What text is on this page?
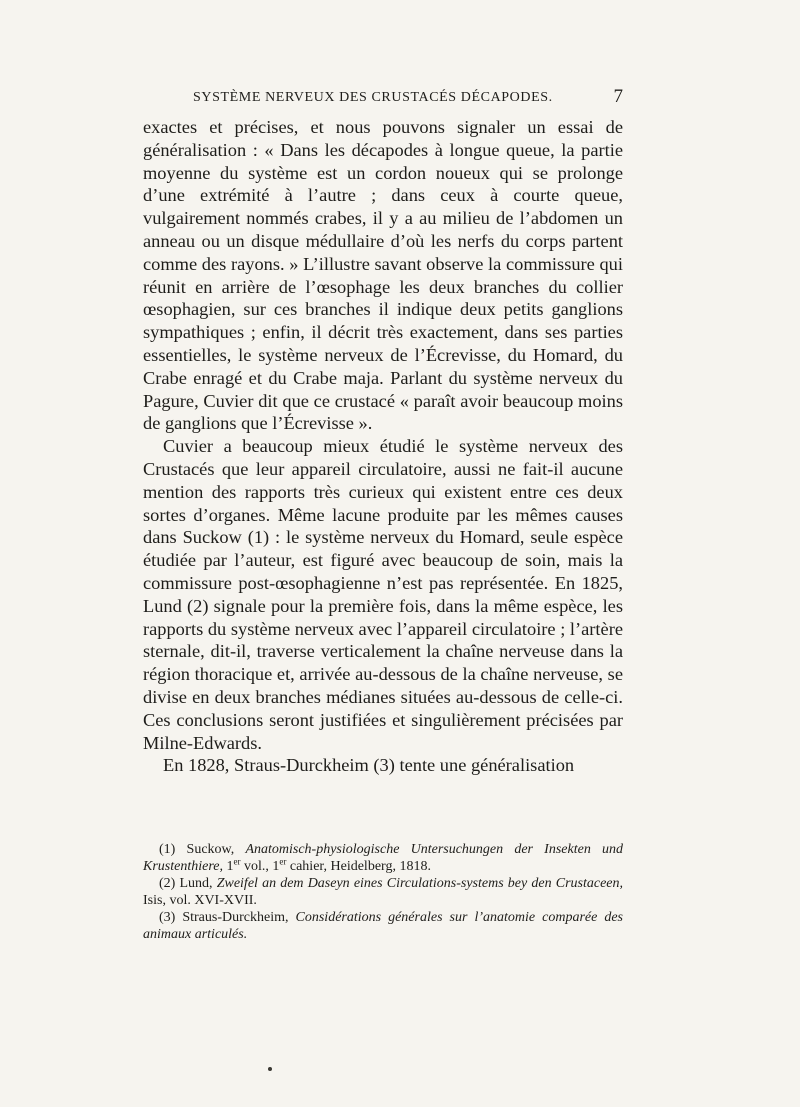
SYSTÈME NERVEUX DES CRUSTACÉS DÉCAPODES.	7

exactes et précises, et nous pouvons signaler un essai de généralisation : « Dans les décapodes à longue queue, la partie moyenne du système est un cordon noueux qui se prolonge d’une extrémité à l’autre ; dans ceux à courte queue, vulgairement nommés crabes, il y a au milieu de l’abdomen un anneau ou un disque médullaire d’où les nerfs du corps partent comme des rayons. » L’illustre savant observe la commissure qui réunit en arrière de l’œsophage les deux branches du collier œsophagien, sur ces branches il indique deux petits ganglions sympathiques ; enfin, il décrit très exactement, dans ses parties essentielles, le système nerveux de l’Écrevisse, du Homard, du Crabe enragé et du Crabe maja. Parlant du système nerveux du Pagure, Cuvier dit que ce crustacé « paraît avoir beaucoup moins de ganglions que l’Écrevisse ».

Cuvier a beaucoup mieux étudié le système nerveux des Crustacés que leur appareil circulatoire, aussi ne fait-il aucune mention des rapports très curieux qui existent entre ces deux sortes d’organes. Même lacune produite par les mêmes causes dans Suckow (1) : le système nerveux du Homard, seule espèce étudiée par l’auteur, est figuré avec beaucoup de soin, mais la commissure post-œsophagienne n’est pas représentée. En 1825, Lund (2) signale pour la première fois, dans la même espèce, les rapports du système nerveux avec l’appareil circulatoire ; l’artère sternale, dit-il, traverse verticalement la chaîne nerveuse dans la région thoracique et, arrivée au-dessous de la chaîne nerveuse, se divise en deux branches médianes situées au-dessous de celle-ci. Ces conclusions seront justifiées et singulièrement précisées par Milne-Edwards.

En 1828, Straus-Durckheim (3) tente une généralisation

(1) Suckow, Anatomisch-physiologische Untersuchungen der Insekten und Krustenthiere, 1er vol., 1er cahier, Heidelberg, 1818.

(2) Lund, Zweifel an dem Daseyn eines Circulations-systems bey den Crustaceen, Isis, vol. XVI-XVII.

(3) Straus-Durckheim, Considérations générales sur l’anatomie comparée des animaux articulés.
